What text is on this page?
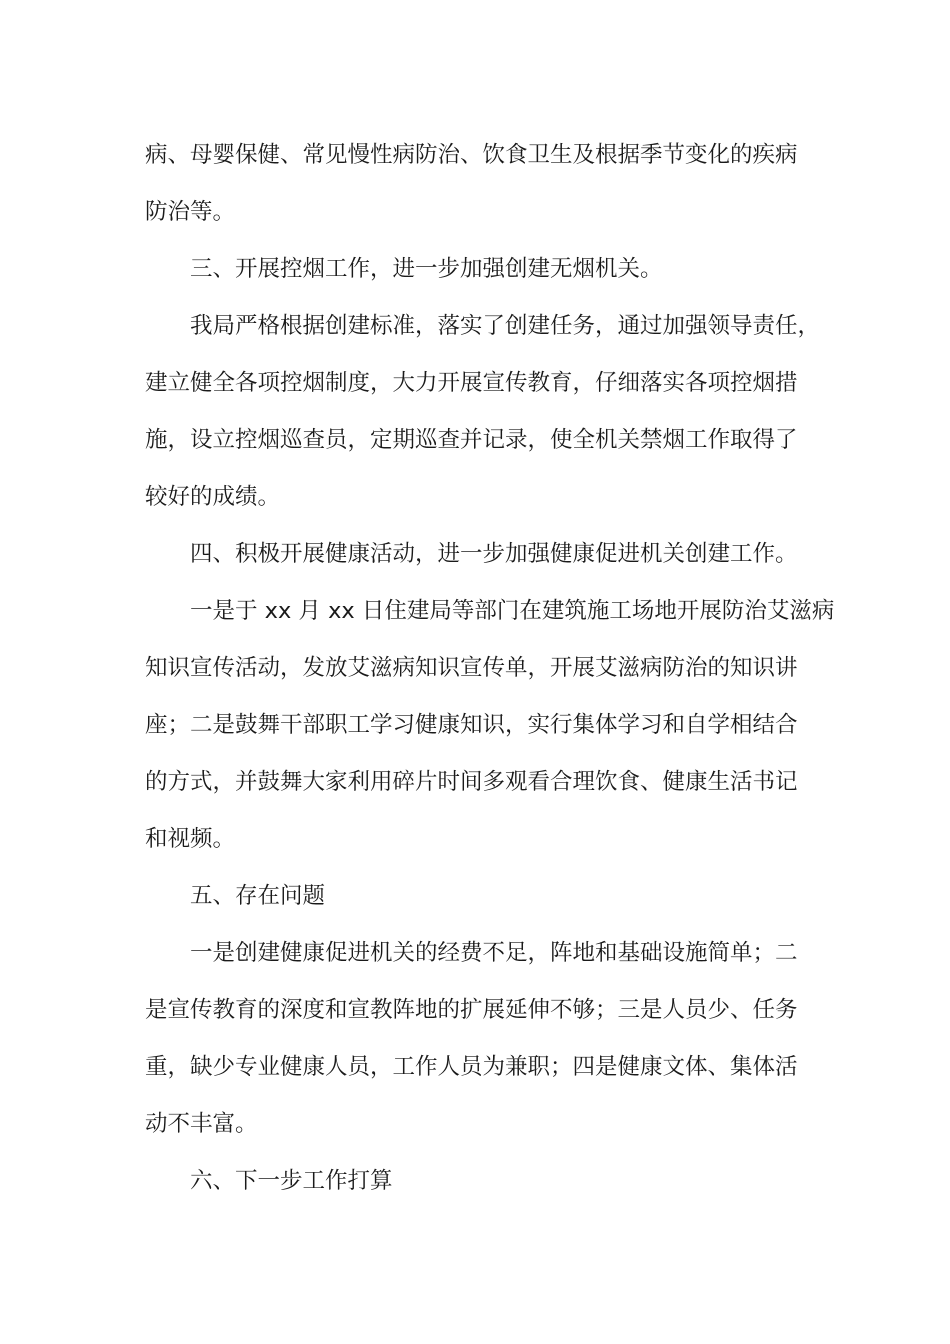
病、母婴保健、常见慢性病防治、饮食卫生及根据季节变化的疾病
防治等。

三、开展控烟工作，进一步加强创建无烟机关。

我局严格根据创建标准，落实了创建任务，通过加强领导责任，
建立健全各项控烟制度，大力开展宣传教育，仔细落实各项控烟措
施，设立控烟巡查员，定期巡查并记录，使全机关禁烟工作取得了
较好的成绩。

四、积极开展健康活动，进一步加强健康促进机关创建工作。

一是于 xx 月 xx 日住建局等部门在建筑施工场地开展防治艾滋病
知识宣传活动，发放艾滋病知识宣传单，开展艾滋病防治的知识讲
座；二是鼓舞干部职工学习健康知识，实行集体学习和自学相结合
的方式，并鼓舞大家利用碎片时间多观看合理饮食、健康生活书记
和视频。

五、存在问题

一是创建健康促进机关的经费不足，阵地和基础设施简单；二
是宣传教育的深度和宣教阵地的扩展延伸不够；三是人员少、任务
重，缺少专业健康人员，工作人员为兼职；四是健康文体、集体活
动不丰富。

六、下一步工作打算
